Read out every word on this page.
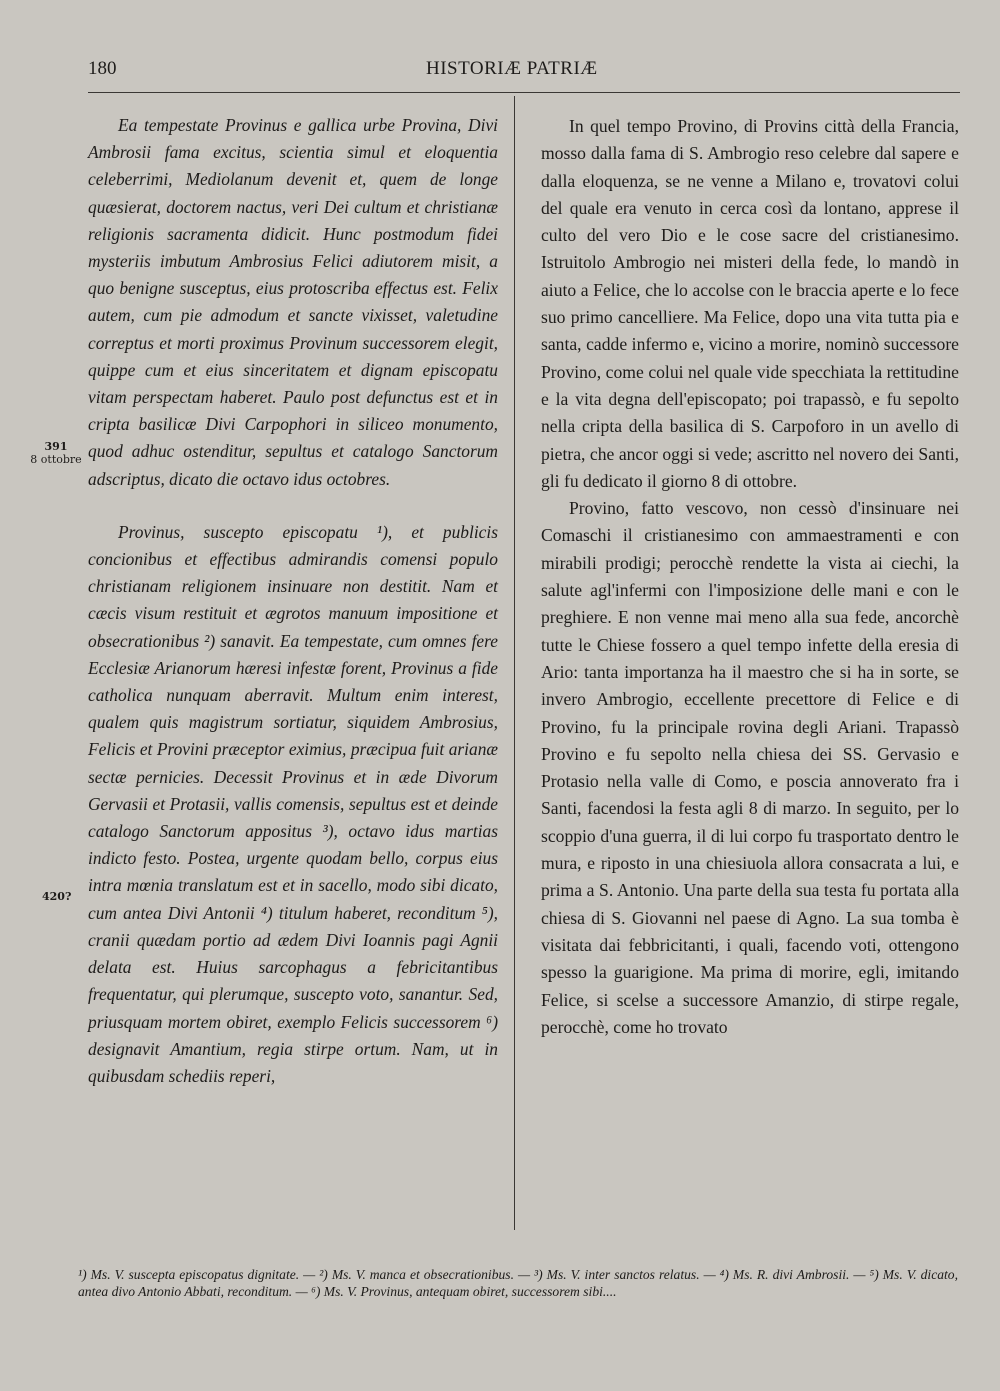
180	HISTORIÆ PATRIÆ
391
8 ottobre
420?

Ea tempestate Provinus e gallica urbe Provina, Divi Ambrosii fama excitus, scientia simul et eloquentia celeberrimi, Mediolanum devenit et, quem de longe quæsierat, doctorem nactus, veri Dei cultum et christianæ religionis sacramenta didicit. Hunc postmodum fidei mysteriis imbutum Ambrosius Felici adiutorem misit, a quo benigne susceptus, eius protoscriba effectus est. Felix autem, cum pie admodum et sancte vixisset, valetudine correptus et morti proximus Provinum successorem elegit, quippe cum et eius sinceritatem et dignam episcopatu vitam perspectam haberet. Paulo post defunctus est et in cripta basilicæ Divi Carpophori in siliceo monumento, quod adhuc ostenditur, sepultus et catalogo Sanctorum adscriptus, dicato die octavo idus octobres.

Provinus, suscepto episcopatu ¹), et publicis concionibus et effectibus admirandis comensi populo christianam religionem insinuare non destitit. Nam et cæcis visum restituit et ægrotos manuum impositione et obsecrationibus ²) sanavit. Ea tempestate, cum omnes fere Ecclesiæ Arianorum hæresi infestæ forent, Provinus a fide catholica nunquam aberravit. Multum enim interest, qualem quis magistrum sortiatur, siquidem Ambrosius, Felicis et Provini præceptor eximius, præcipua fuit arianæ sectæ pernicies. Decessit Provinus et in æde Divorum Gervasii et Protasii, vallis comensis, sepultus est et deinde catalogo Sanctorum appositus ³), octavo idus martias indicto festo. Postea, urgente quodam bello, corpus eius intra mœnia translatum est et in sacello, modo sibi dicato, cum antea Divi Antonii ⁴) titulum haberet, reconditum ⁵), cranii quædam portio ad ædem Divi Ioannis pagi Agnii delata est. Huius sarcophagus a febricitantibus frequentatur, qui plerumque, suscepto voto, sanantur. Sed, priusquam mortem obiret, exemplo Felicis successorem ⁶) designavit Amantium, regia stirpe ortum. Nam, ut in quibusdam schediis reperi,

In quel tempo Provino, di Provins città della Francia, mosso dalla fama di S. Ambrogio reso celebre dal sapere e dalla eloquenza, se ne venne a Milano e, trovatovi colui del quale era venuto in cerca così da lontano, apprese il culto del vero Dio e le cose sacre del cristianesimo. Istruitolo Ambrogio nei misteri della fede, lo mandò in aiuto a Felice, che lo accolse con le braccia aperte e lo fece suo primo cancelliere. Ma Felice, dopo una vita tutta pia e santa, cadde infermo e, vicino a morire, nominò successore Provino, come colui nel quale vide specchiata la rettitudine e la vita degna dell'episcopato; poi trapassò, e fu sepolto nella cripta della basilica di S. Carpoforo in un avello di pietra, che ancor oggi si vede; ascritto nel novero dei Santi, gli fu dedicato il giorno 8 di ottobre.

Provino, fatto vescovo, non cessò d'insinuare nei Comaschi il cristianesimo con ammaestramenti e con mirabili prodigi; perocchè rendette la vista ai ciechi, la salute agl'infermi con l'imposizione delle mani e con le preghiere. E non venne mai meno alla sua fede, ancorchè tutte le Chiese fossero a quel tempo infette della eresia di Ario: tanta importanza ha il maestro che si ha in sorte, se invero Ambrogio, eccellente precettore di Felice e di Provino, fu la principale rovina degli Ariani. Trapassò Provino e fu sepolto nella chiesa dei SS. Gervasio e Protasio nella valle di Como, e poscia annoverato fra i Santi, facendosi la festa agli 8 di marzo. In seguito, per lo scoppio d'una guerra, il di lui corpo fu trasportato dentro le mura, e riposto in una chiesiuola allora consacrata a lui, e prima a S. Antonio. Una parte della sua testa fu portata alla chiesa di S. Giovanni nel paese di Agno. La sua tomba è visitata dai febbricitanti, i quali, facendo voti, ottengono spesso la guarigione. Ma prima di morire, egli, imitando Felice, si scelse a successore Amanzio, di stirpe regale, perocchè, come ho trovato

¹) Ms. V. suscepta episcopatus dignitate. — ²) Ms. V. manca et obsecrationibus. — ³) Ms. V. inter sanctos relatus. — ⁴) Ms. R. divi Ambrosii. — ⁵) Ms. V. dicato, antea divo Antonio Abbati, reconditum. — ⁶) Ms. V. Provinus, antequam obiret, successorem sibi....
